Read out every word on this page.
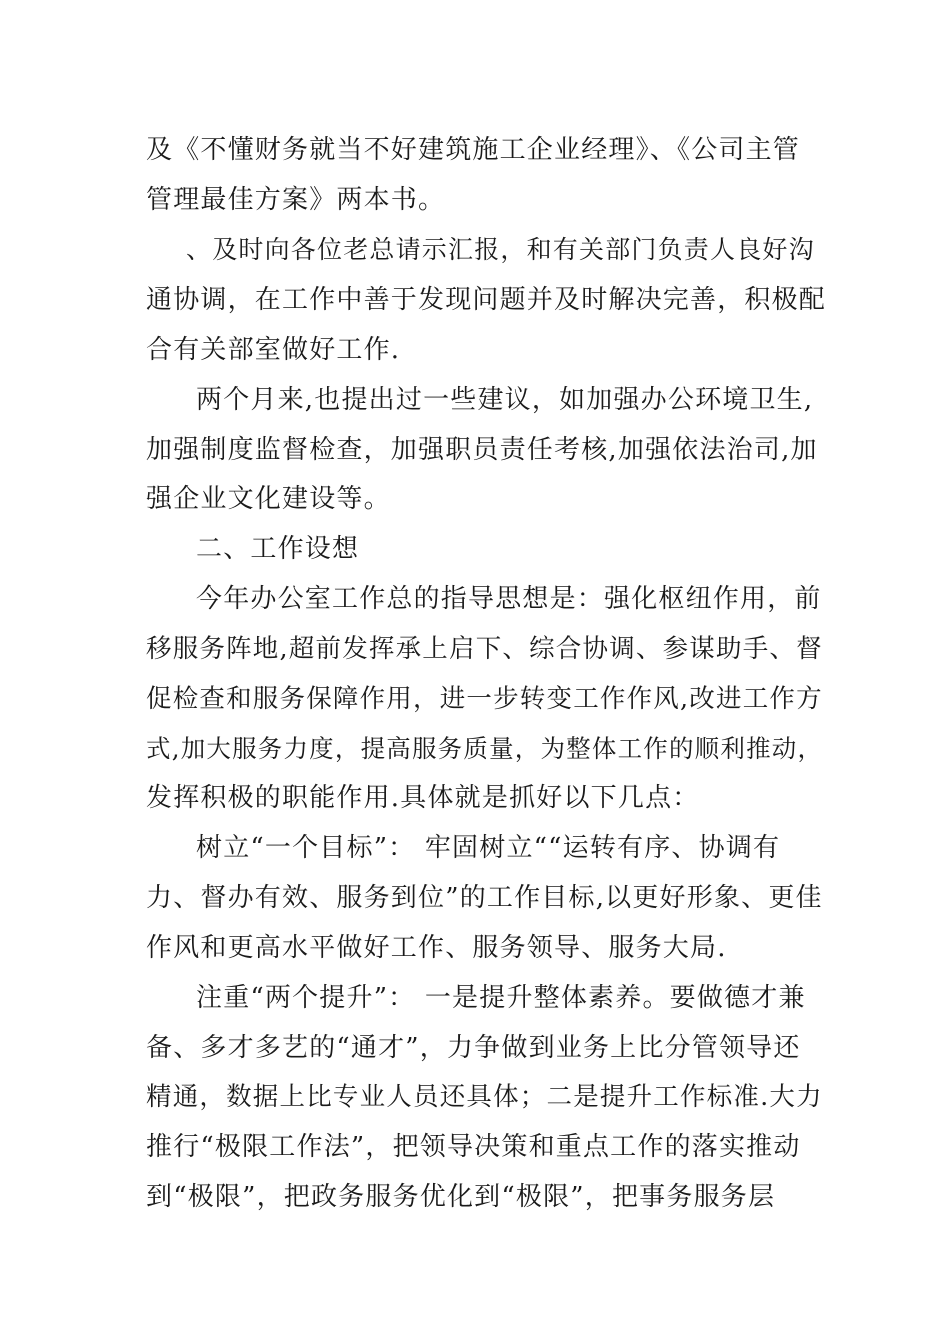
及《不懂财务就当不好建筑施工企业经理》、《公司主管
管理最佳方案》两本书。
、及时向各位老总请示汇报，和有关部门负责人良好沟
通协调，在工作中善于发现问题并及时解决完善，积极配
合有关部室做好工作.
两个月来,也提出过一些建议，如加强办公环境卫生,
加强制度监督检查，加强职员责任考核,加强依法治司,加
强企业文化建设等。
二、工作设想
今年办公室工作总的指导思想是：强化枢纽作用，前
移服务阵地,超前发挥承上启下、综合协调、参谋助手、督
促检查和服务保障作用，进一步转变工作作风,改进工作方
式,加大服务力度，提高服务质量，为整体工作的顺利推动，
发挥积极的职能作用.具体就是抓好以下几点：
树立“一个目标”： 牢固树立““运转有序、协调有
力、督办有效、服务到位”的工作目标,以更好形象、更佳
作风和更高水平做好工作、服务领导、服务大局.
注重“两个提升”： 一是提升整体素养。要做德才兼
备、多才多艺的“通才”，力争做到业务上比分管领导还
精通，数据上比专业人员还具体；二是提升工作标准.大力
推行“极限工作法”，把领导决策和重点工作的落实推动
到“极限”，把政务服务优化到“极限”，把事务服务层
